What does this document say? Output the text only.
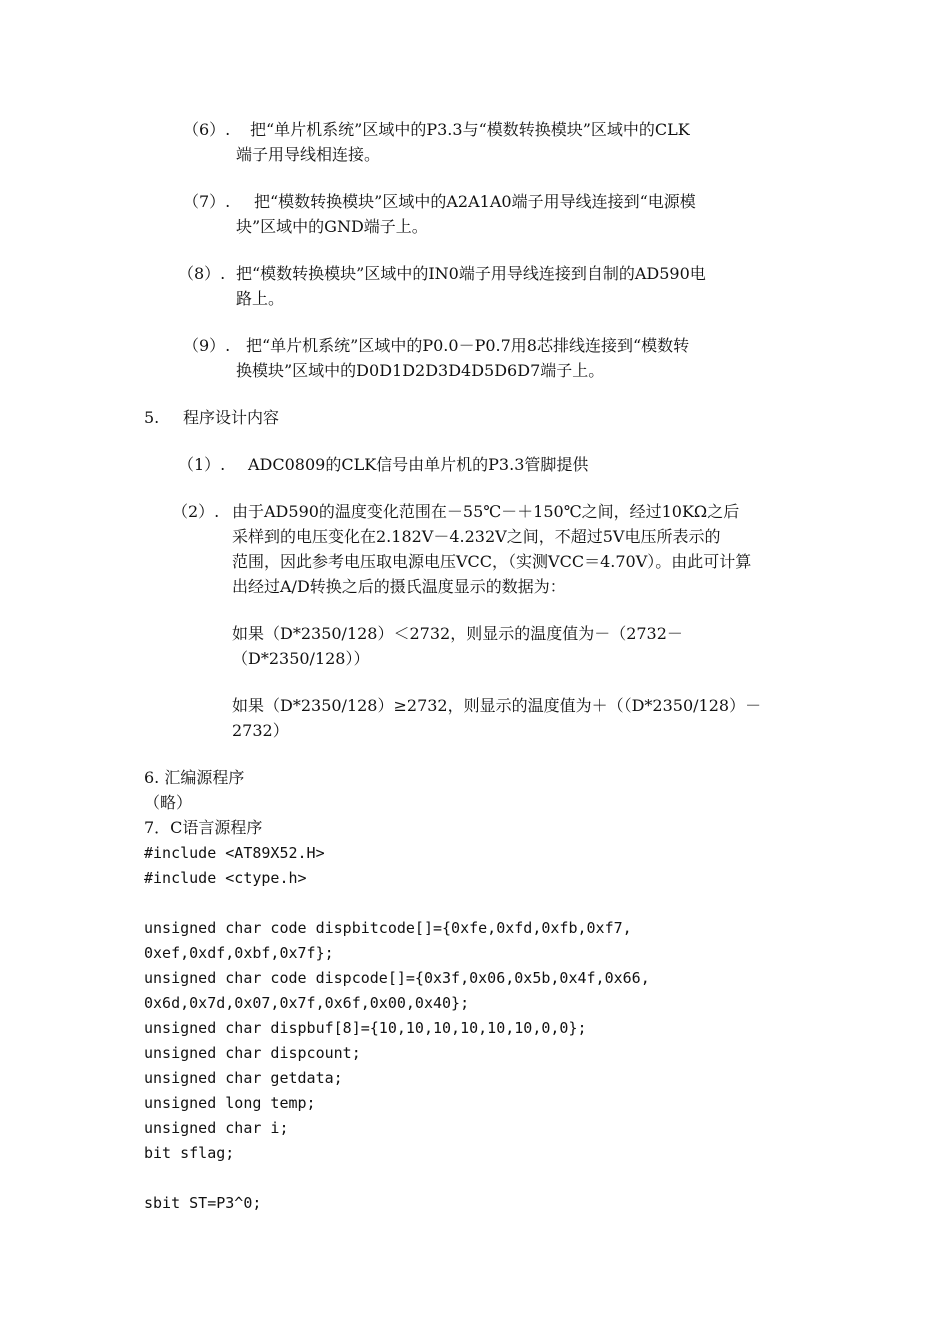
（6）. 把“单片机系统”区域中的P3.3与“模数转换模块”区域中的CLK
端子用导线相连接。
（7）. 把“模数转换模块”区域中的A2A1A0端子用导线连接到“电源模
块”区域中的GND端子上。
（8）. 把“模数转换模块”区域中的IN0端子用导线连接到自制的AD590电
路上。
（9）. 把“单片机系统”区域中的P0.0－P0.7用8芯排线连接到“模数转
换模块”区域中的D0D1D2D3D4D5D6D7端子上。
5. 程序设计内容
（1）. ADC0809的CLK信号由单片机的P3.3管脚提供
（2）. 由于AD590的温度变化范围在－55℃－＋150℃之间，经过10KΩ之后
采样到的电压变化在2.182V－4.232V之间，不超过5V电压所表示的
范围，因此参考电压取电源电压VCC，（实测VCC＝4.70V）。由此可计算
出经过A/D转换之后的摄氏温度显示的数据为：
如果（D*2350/128）＜2732，则显示的温度值为－（2732－
（D*2350/128））
如果（D*2350/128）≥2732，则显示的温度值为＋（（D*2350/128）－
2732）
6. 汇编源程序
（略）
7．C语言源程序
#include <AT89X52.H>
#include <ctype.h>
unsigned char code dispbitcode[]={0xfe,0xfd,0xfb,0xf7,
0xef,0xdf,0xbf,0x7f};
unsigned char code dispcode[]={0x3f,0x06,0x5b,0x4f,0x66,
0x6d,0x7d,0x07,0x7f,0x6f,0x00,0x40};
unsigned char dispbuf[8]={10,10,10,10,10,10,0,0};
unsigned char dispcount;
unsigned char getdata;
unsigned long temp;
unsigned char i;
bit sflag;
sbit ST=P3^0;
